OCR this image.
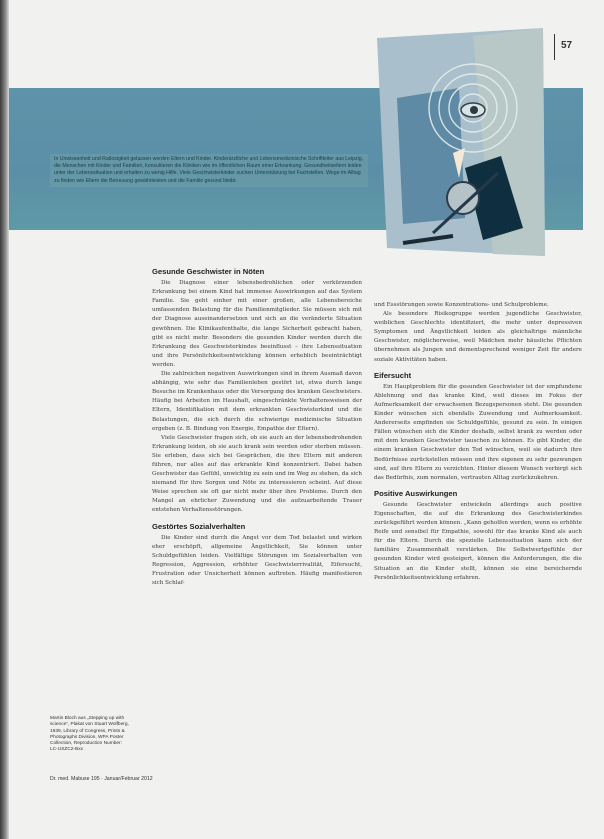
57
In Unwissenheit und Ratlosigkeit gelassen werden Eltern und Kinder. Kinderärztliche und Lebensmedizinische Schriftleiter aus Leipzig, die Menschen mit Kinder und Familien, konsultieren die Kliniken wie im öffentlichen Raum einer Erkrankung. Gesundheitseltern leiden unter der Lebenssituation und erhalten zu wenig Hilfe. Viele Geschwisterkinder suchen Unterstützung bei Fachstellen. Wege im Alltag zu finden wie Eltern die Betreuung gewährleisten und die Familie gesund bleibt.
Gesunde Geschwister in Nöten

Die Diagnose einer lebensbedrohlichen oder verkürzenden Erkrankung bei einem Kind hat immense Auswirkungen auf das System Familie. Sie geht einher mit einer großen, alle Lebensbereiche umfassenden Belastung für die Familienmitglieder. Sie müssen sich mit der Diagnose auseinandersetzen und sich an die veränderte Situation gewöhnen. Die Klinikaufenthalte, die lange Sicherheit gebracht haben, gibt es nicht mehr. Besonders die gesunden Kinder werden durch die Erkrankung des Geschwisterkindes beeinflusst – ihre Lebenssituation und ihre Persönlichkeitsentwicklung können erheblich beeinträchtigt werden.

Die zahlreichen negativen Auswirkungen sind in ihrem Ausmaß davon abhängig, wie sehr das Familienleben gestört ist, etwa durch lange Besuche im Krankenhaus oder die Versorgung des kranken Geschwisters. Häufig bei Arbeiten im Haushalt, eingeschränkte Verhaltensweisen der Eltern, Identifikation mit dem erkrankten Geschwisterkind und die Belastungen, die sich durch die schwierige medizinische Situation ergeben (z. B. Bindung von Energie, Empathie der Eltern).

Viele Geschwister fragen sich, ob sie auch an der lebensbedrohenden Erkrankung leiden, ob sie auch krank sein werden oder sterben müssen. Sie erleben, dass sich bei Gesprächen, die ihre Eltern mit anderen führen, nur alles auf das erkrankte Kind konzentriert. Dabei haben Geschwister das Gefühl, unwichtig zu sein und im Weg zu stehen, da sich niemand für ihre Sorgen und Nöte zu interessieren scheint. Auf diese Weise sprechen sie oft gar nicht mehr über ihre Probleme. Durch den Mangel an ehrlicher Zuwendung und die aufzuarbeitende Trauer entstehen Verhaltensstörungen.

Gestörtes Sozialverhalten

Die Kinder sind durch die Angst vor dem Tod belastet und wirken eher erschöpft, allgemeine Ängstlichkeit, Sie können unter Schuldgefühlen leiden. Vielfältige Störungen im Sozialverhalten von Regression, Aggression, erhöhter Geschwisterrivalität, Eifersucht, Frustration oder Unsicherheit können auftreten. Häufig manifestieren sich Schlaf-

und Essstörungen sowie Konzentrations- und Schulprobleme.

Als besondere Risikogruppe werden jugendliche Geschwister, weiblichen Geschlechts identifiziert, die mehr unter depressiven Symptomen und Ängstlichkeit leiden als gleichaltrige männliche Geschwister, möglicherweise, weil Mädchen mehr häusliche Pflichten übernehmen als Jungen und dementsprechend weniger Zeit für andere soziale Aktivitäten haben.

Eifersucht

Ein Hauptproblem für die gesunden Geschwister ist der empfundene Ablehnung und das kranke Kind, weil dieses im Fokus der Aufmerksamkeit der erwachsenen Bezugspersonen steht. Die gesunden Kinder wünschen sich ebenfalls Zuwendung und Aufmerksamkeit. Andererseits empfinden sie Schuldgefühle, gesund zu sein. In einigen Fällen wünschen sich die Kinder deshalb, selbst krank zu werden oder mit dem kranken Geschwister tauschen zu können. Es gibt Kinder, die einem kranken Geschwister den Tod wünschen, weil sie dadurch ihre Bedürfnisse zurückstellen müssen und ihre eigenen zu sehr gezwungen sind, auf ihre Eltern zu verzichten. Hinter diesem Wunsch verbirgt sich das Bedürfnis, zum normalen, vertrauten Alltag zurückzukehren.

Positive Auswirkungen

Gesunde Geschwister entwickeln allerdings auch positive Eigenschaften, die auf die Erkrankung des Geschwisterkindes zurückgeführt werden können. „Kann geholfen werden, wenn es erhöhte Reife und sensibel für Empathie, sowohl für das kranke Kind als auch für die Eltern. Durch die spezielle Lebenssituation kann sich der familiäre Zusammenhalt verstärken. Die Selbstwertgefühle der gesunden Kinder wird gesteigert, können die Anforderungen, die die Situation an die Kinder stellt, können sie eine bereichernde Persönlichkeitsentwicklung erfahren.

Martin Bloch aus „Stepping up with science“, Plakat von Stuart Wolfberg, 1939, Library of Congress, Prints & Photographs Division, WPA Poster Collection, Reproduction Number: LC-USZC2-Bxx
Dr. med. Mabuse 195 · Januar/Februar 2012
